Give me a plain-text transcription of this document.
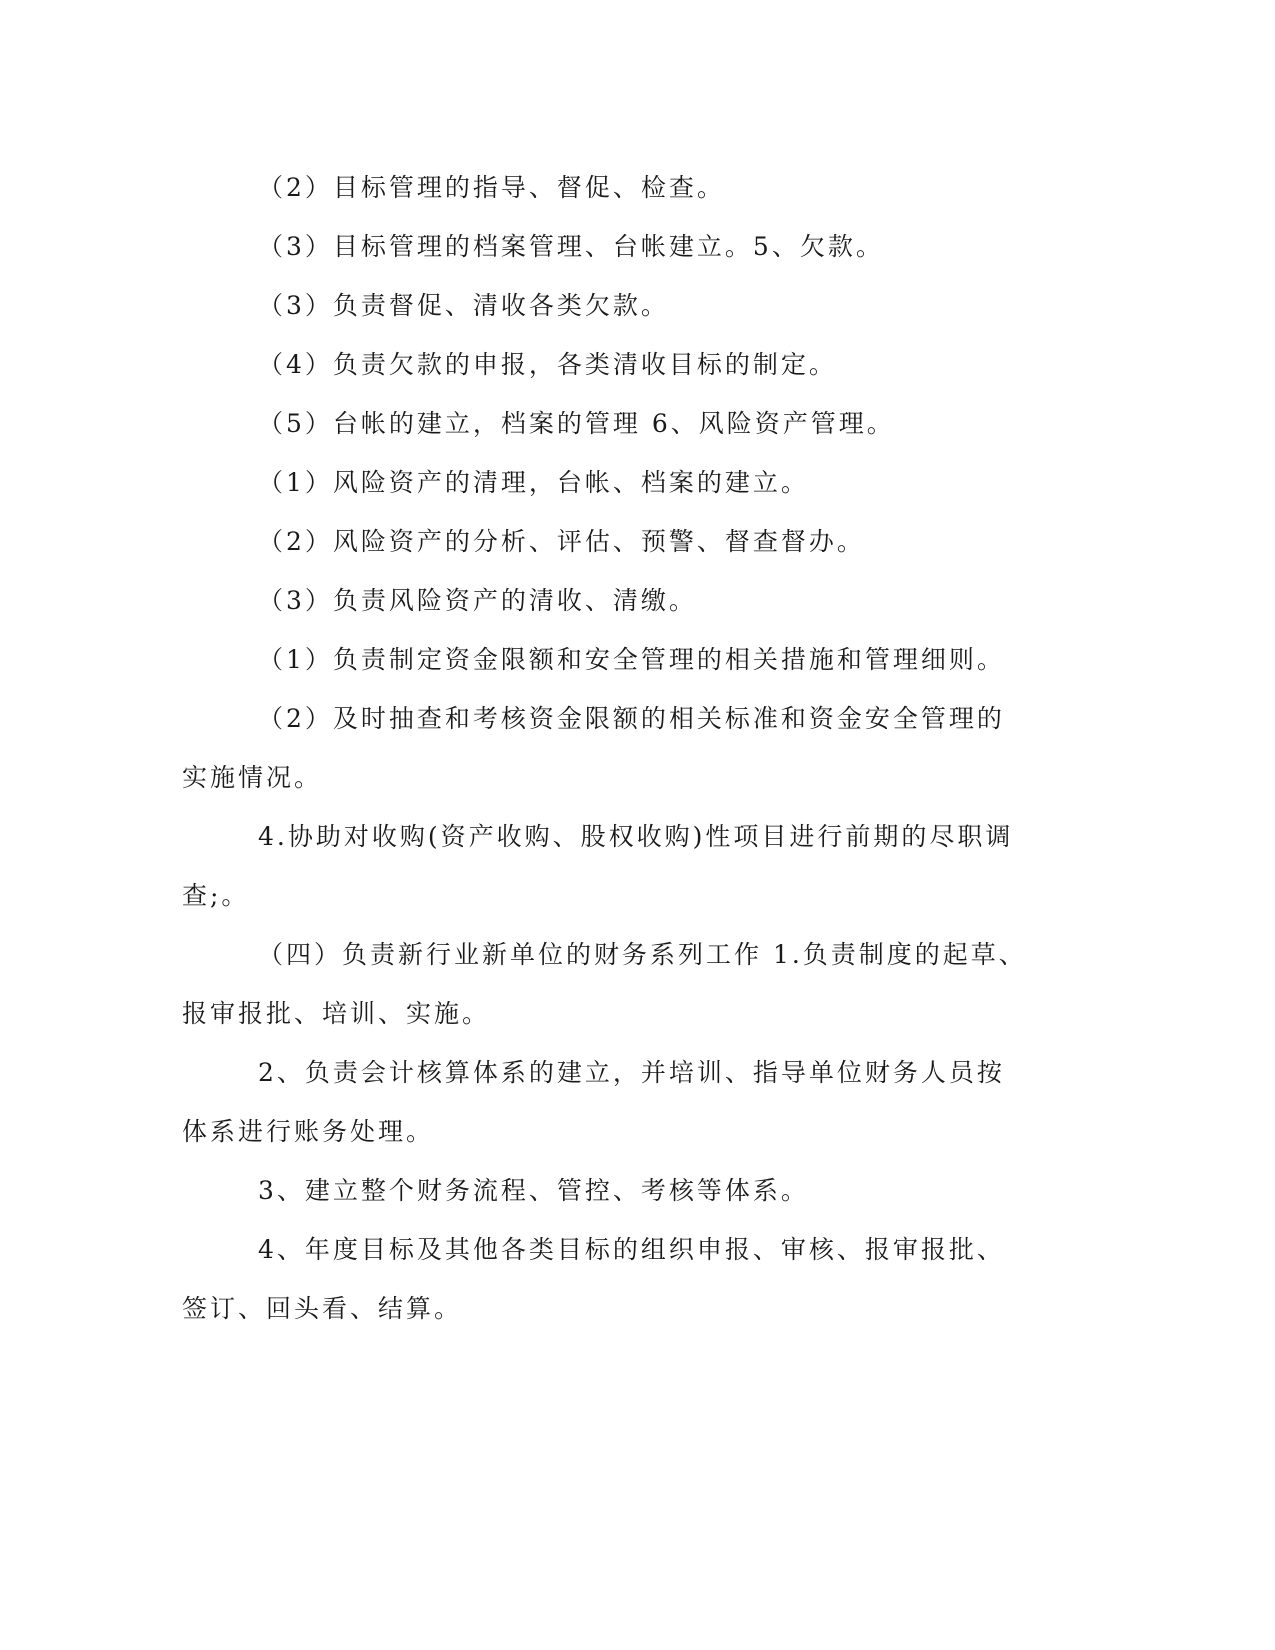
（2）目标管理的指导、督促、检查。

（3）目标管理的档案管理、台帐建立。5、欠款。

（3）负责督促、清收各类欠款。

（4）负责欠款的申报，各类清收目标的制定。

（5）台帐的建立，档案的管理 6、风险资产管理。

（1）风险资产的清理，台帐、档案的建立。

（2）风险资产的分析、评估、预警、督查督办。

（3）负责风险资产的清收、清缴。

（1）负责制定资金限额和安全管理的相关措施和管理细则。

（2）及时抽查和考核资金限额的相关标准和资金安全管理的实施情况。

4.协助对收购(资产收购、股权收购)性项目进行前期的尽职调查;。

（四）负责新行业新单位的财务系列工作 1.负责制度的起草、报审报批、培训、实施。

2、负责会计核算体系的建立，并培训、指导单位财务人员按体系进行账务处理。

3、建立整个财务流程、管控、考核等体系。

4、年度目标及其他各类目标的组织申报、审核、报审报批、签订、回头看、结算。
